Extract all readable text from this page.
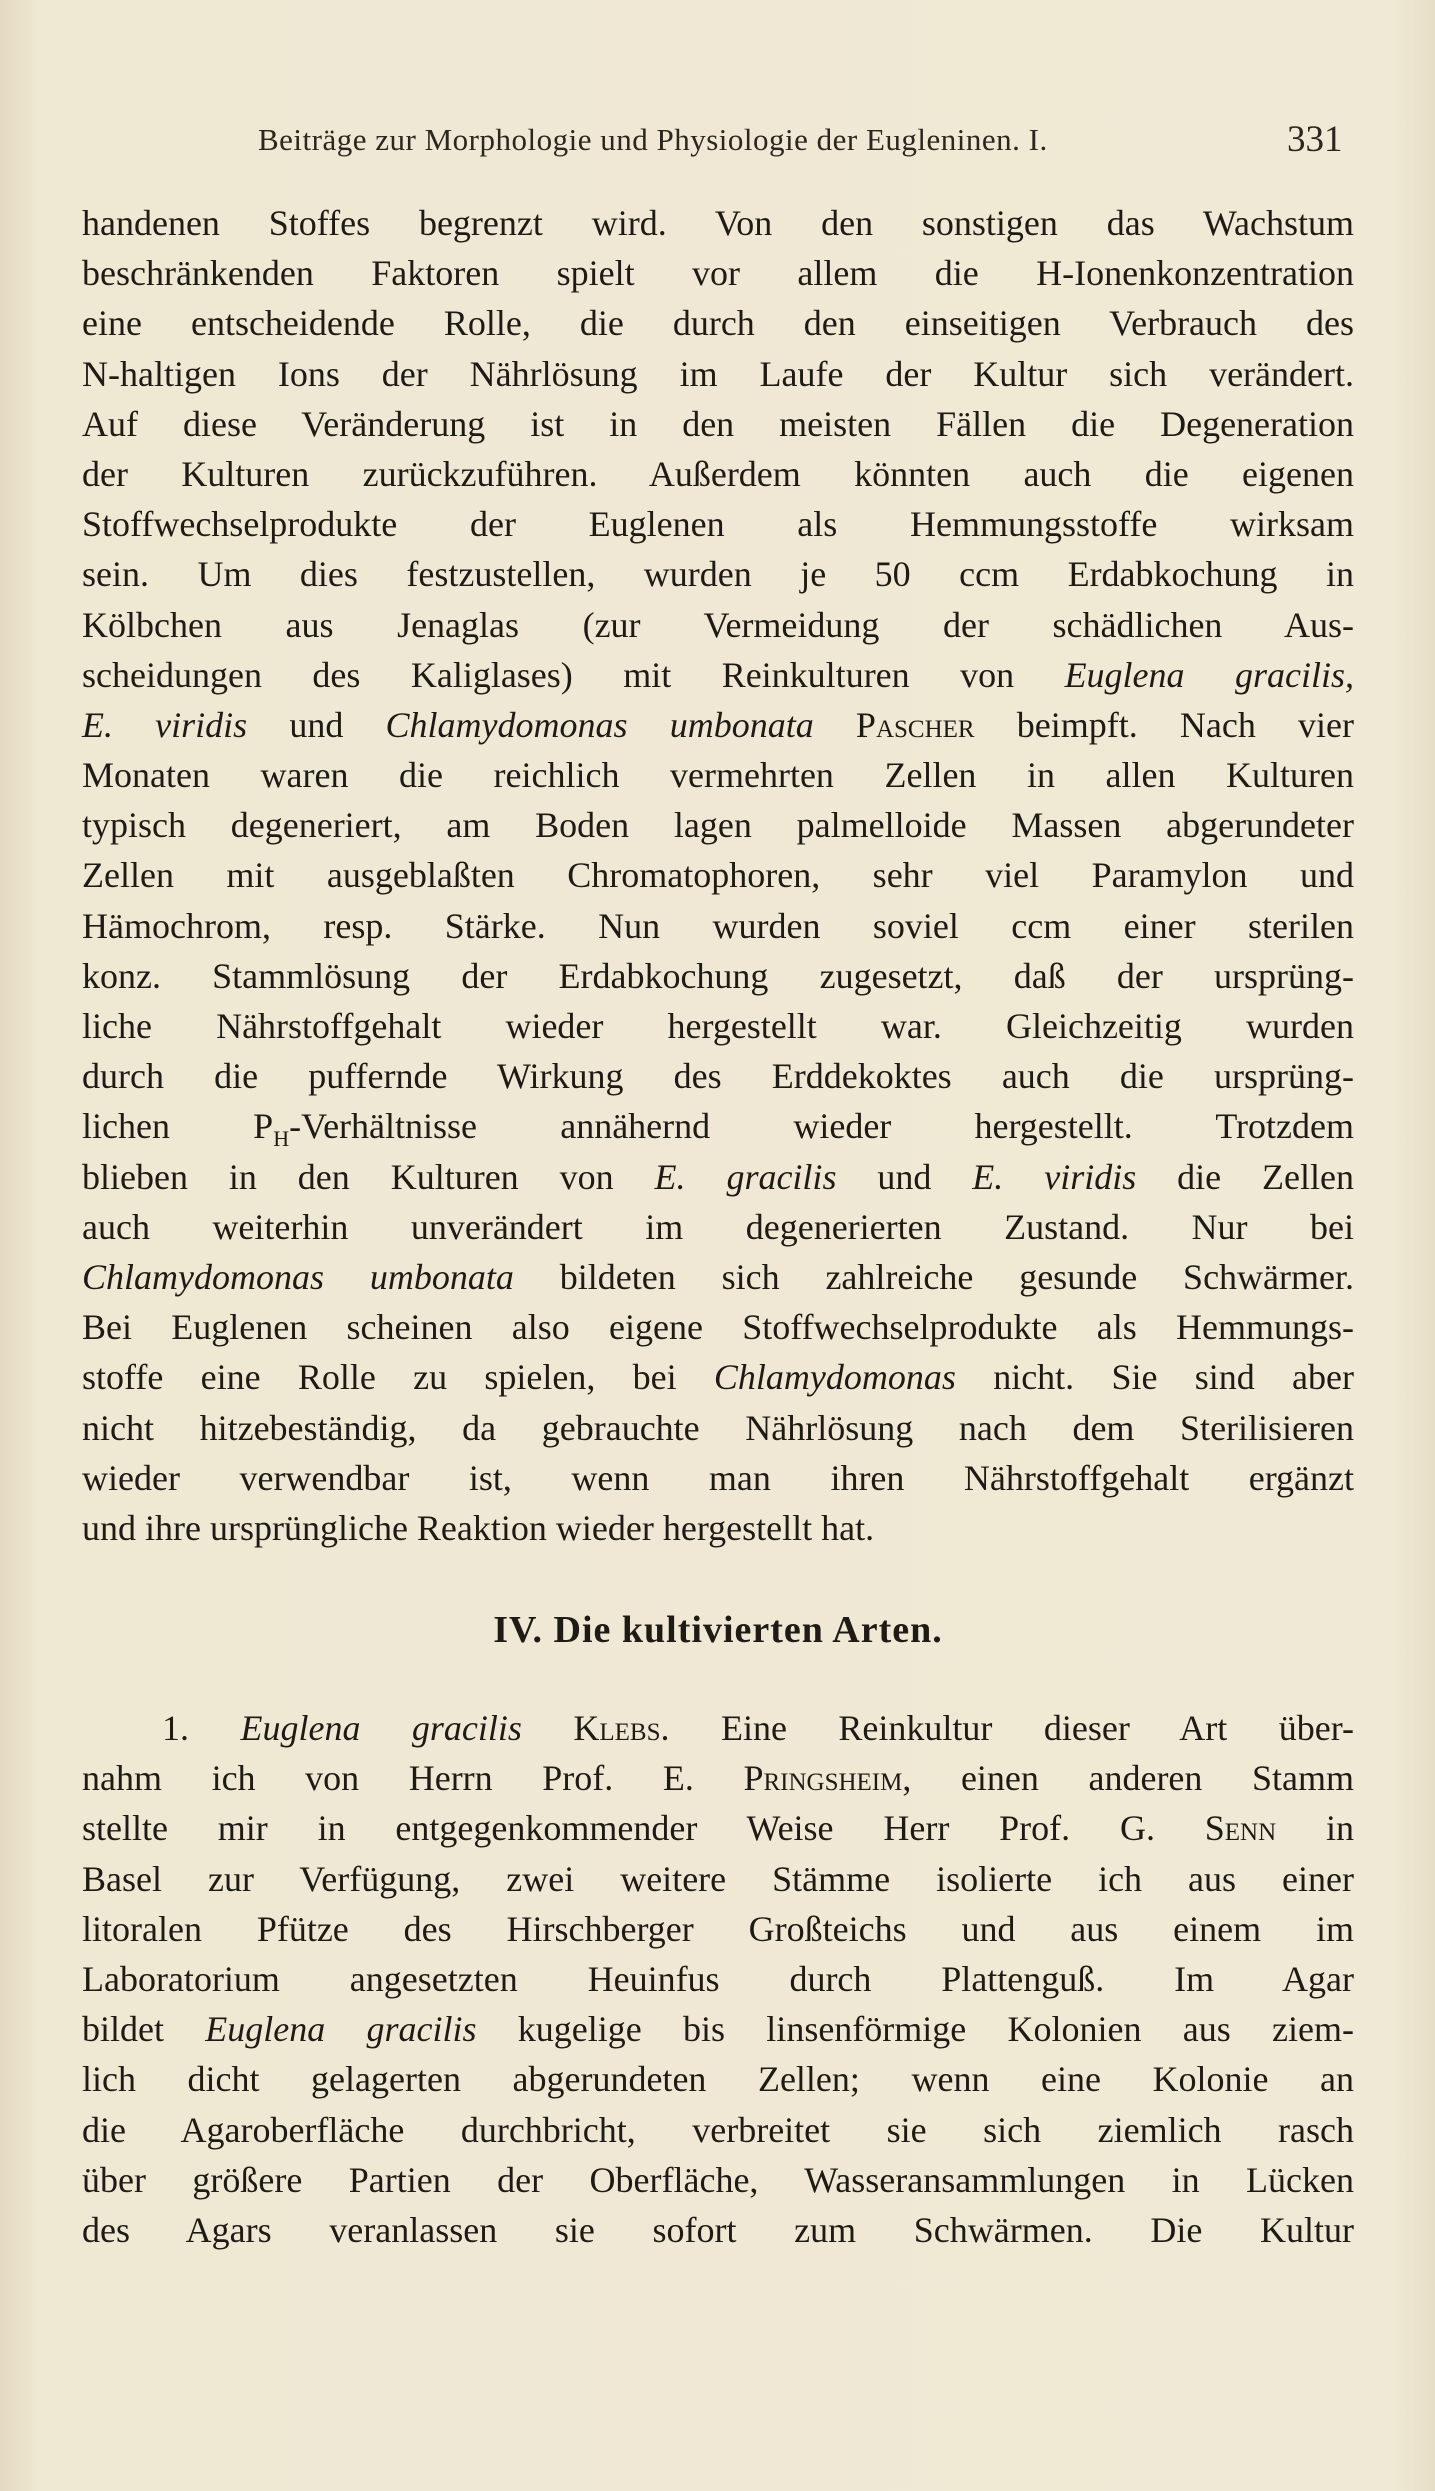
Beiträge zur Morphologie und Physiologie der Eugleninen. I.	331
handenen Stoffes begrenzt wird. Von den sonstigen das Wachstum
beschränkenden Faktoren spielt vor allem die H-Ionenkonzentration
eine entscheidende Rolle, die durch den einseitigen Verbrauch des
N-haltigen Ions der Nährlösung im Laufe der Kultur sich verändert.
Auf diese Veränderung ist in den meisten Fällen die Degeneration
der Kulturen zurückzuführen. Außerdem könnten auch die eigenen
Stoffwechselprodukte der Euglenen als Hemmungsstoffe wirksam
sein. Um dies festzustellen, wurden je 50 ccm Erdabkochung in
Kölbchen aus Jenaglas (zur Vermeidung der schädlichen Aus-
scheidungen des Kaliglases) mit Reinkulturen von Euglena gracilis,
E. viridis und Chlamydomonas umbonata Pascher beimpft. Nach vier
Monaten waren die reichlich vermehrten Zellen in allen Kulturen
typisch degeneriert, am Boden lagen palmelloide Massen abgerundeter
Zellen mit ausgeblaßten Chromatophoren, sehr viel Paramylon und
Hämochrom, resp. Stärke. Nun wurden soviel ccm einer sterilen
konz. Stammlösung der Erdabkochung zugesetzt, daß der ursprüng-
liche Nährstoffgehalt wieder hergestellt war. Gleichzeitig wurden
durch die puffernde Wirkung des Erddekoktes auch die ursprüng-
lichen $P_H$-Verhältnisse annähernd wieder hergestellt. Trotzdem
blieben in den Kulturen von E. gracilis und E. viridis die Zellen
auch weiterhin unverändert im degenerierten Zustand. Nur bei
Chlamydomonas umbonata bildeten sich zahlreiche gesunde Schwärmer.
Bei Euglenen scheinen also eigene Stoffwechselprodukte als Hemmungs-
stoffe eine Rolle zu spielen, bei Chlamydomonas nicht. Sie sind aber
nicht hitzebeständig, da gebrauchte Nährlösung nach dem Sterilisieren
wieder verwendbar ist, wenn man ihren Nährstoffgehalt ergänzt
und ihre ursprüngliche Reaktion wieder hergestellt hat.
IV. Die kultivierten Arten.
1. Euglena gracilis Klebs. Eine Reinkultur dieser Art über-
nahm ich von Herrn Prof. E. Pringsheim, einen anderen Stamm
stellte mir in entgegenkommender Weise Herr Prof. G. Senn in
Basel zur Verfügung, zwei weitere Stämme isolierte ich aus einer
litoralen Pfütze des Hirschberger Großteichs und aus einem im
Laboratorium angesetzten Heuinfus durch Plattenguß. Im Agar
bildet Euglena gracilis kugelige bis linsenförmige Kolonien aus ziem-
lich dicht gelagerten abgerundeten Zellen; wenn eine Kolonie an
die Agaroberfläche durchbricht, verbreitet sie sich ziemlich rasch
über größere Partien der Oberfläche, Wasseransammlungen in Lücken
des Agars veranlassen sie sofort zum Schwärmen. Die Kultur
